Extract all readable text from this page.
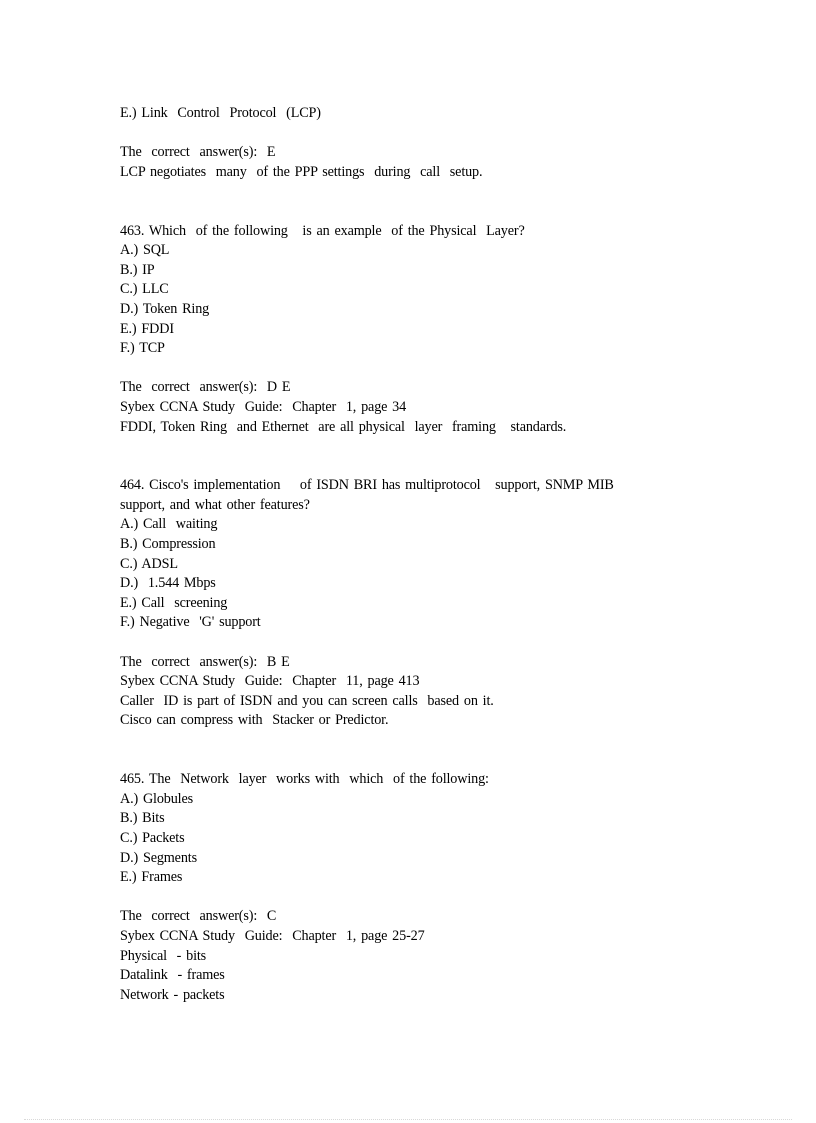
E.) Link  Control  Protocol  (LCP)
The  correct  answer(s):  E
LCP negotiates  many  of the PPP settings  during  call  setup.
463. Which  of the following   is an example  of the Physical  Layer?
A.) SQL
B.) IP
C.) LLC
D.) Token Ring
E.) FDDI
F.) TCP
The  correct  answer(s):  D E
Sybex CCNA Study  Guide:  Chapter  1, page 34
FDDI, Token Ring  and Ethernet  are all physical  layer  framing   standards.
464. Cisco's implementation    of ISDN BRI has multiprotocol   support, SNMP MIB
support, and what other features?
A.) Call  waiting
B.) Compression
C.) ADSL
D.)  1.544 Mbps
E.) Call  screening
F.) Negative  'G' support
The  correct  answer(s):  B E
Sybex CCNA Study  Guide:  Chapter  11, page 413
Caller  ID is part of ISDN and you can screen calls  based on it.
Cisco can compress with  Stacker or Predictor.
465. The  Network  layer  works with  which  of the following:
A.) Globules
B.) Bits
C.) Packets
D.) Segments
E.) Frames
The  correct  answer(s):  C
Sybex CCNA Study  Guide:  Chapter  1, page 25-27
Physical  - bits
Datalink  - frames
Network - packets
